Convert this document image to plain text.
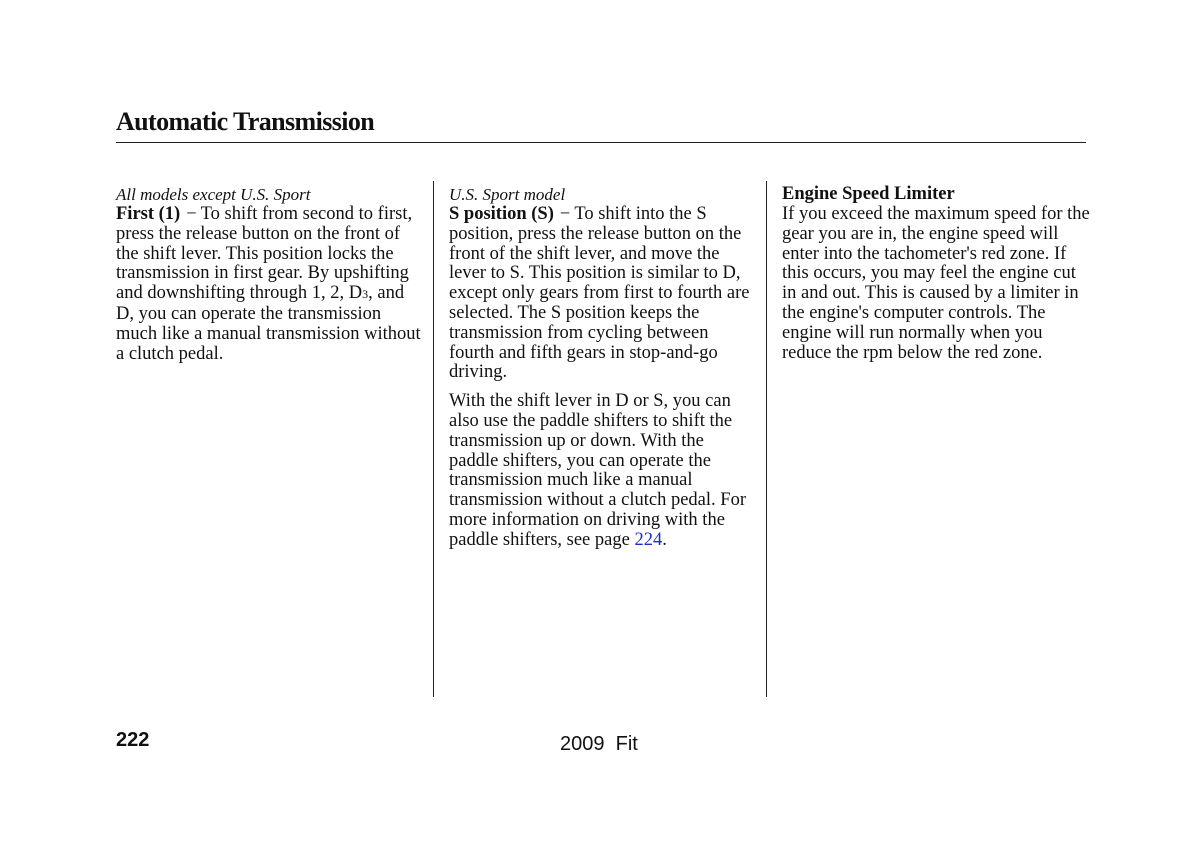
Automatic Transmission

All models except U.S. Sport
First (1) − To shift from second to first, press the release button on the front of the shift lever. This position locks the transmission in first gear. By upshifting and downshifting through 1, 2, D3, and D, you can operate the transmission much like a manual transmission without a clutch pedal.

U.S. Sport model
S position (S) − To shift into the S position, press the release button on the front of the shift lever, and move the lever to S. This position is similar to D, except only gears from first to fourth are selected. The S position keeps the transmission from cycling between fourth and fifth gears in stop-and-go driving.

With the shift lever in D or S, you can also use the paddle shifters to shift the transmission up or down. With the paddle shifters, you can operate the transmission much like a manual transmission without a clutch pedal. For more information on driving with the paddle shifters, see page 224.

Engine Speed Limiter
If you exceed the maximum speed for the gear you are in, the engine speed will enter into the tachometer's red zone. If this occurs, you may feel the engine cut in and out. This is caused by a limiter in the engine's computer controls. The engine will run normally when you reduce the rpm below the red zone.

222	2009  Fit
